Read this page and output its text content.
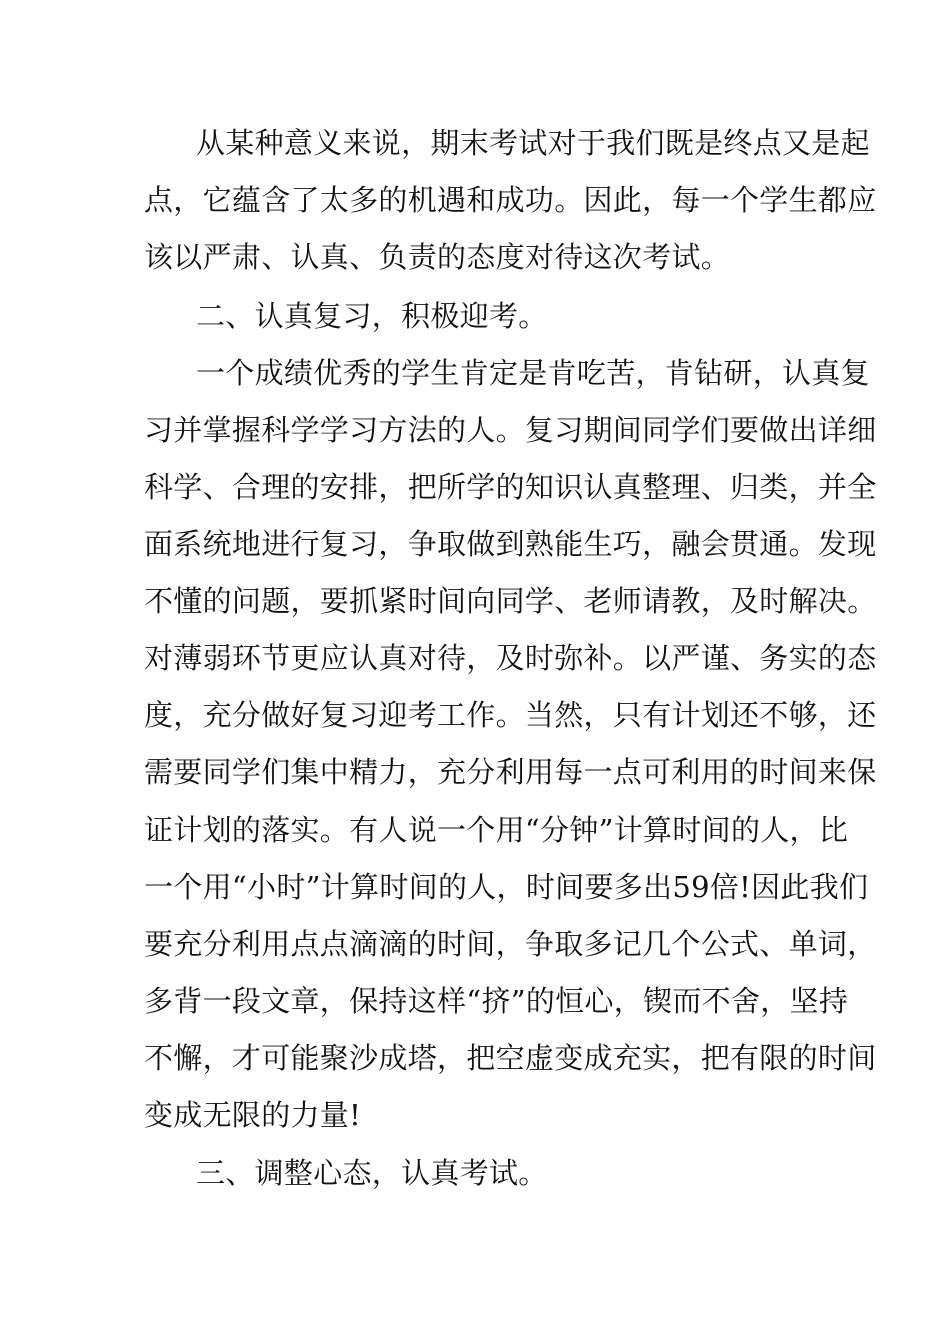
从某种意义来说，期末考试对于我们既是终点又是起
点，它蕴含了太多的机遇和成功。因此，每一个学生都应
该以严肃、认真、负责的态度对待这次考试。
二、认真复习，积极迎考。
一个成绩优秀的学生肯定是肯吃苦，肯钻研，认真复
习并掌握科学学习方法的人。复习期间同学们要做出详细
科学、合理的安排，把所学的知识认真整理、归类，并全
面系统地进行复习，争取做到熟能生巧，融会贯通。发现
不懂的问题，要抓紧时间向同学、老师请教，及时解决。
对薄弱环节更应认真对待，及时弥补。以严谨、务实的态
度，充分做好复习迎考工作。当然，只有计划还不够，还
需要同学们集中精力，充分利用每一点可利用的时间来保
证计划的落实。有人说一个用“分钟”计算时间的人，比
一个用“小时”计算时间的人，时间要多出59倍!因此我们
要充分利用点点滴滴的时间，争取多记几个公式、单词，
多背一段文章，保持这样“挤”的恒心，锲而不舍，坚持
不懈，才可能聚沙成塔，把空虚变成充实，把有限的时间
变成无限的力量!
三、调整心态，认真考试。
